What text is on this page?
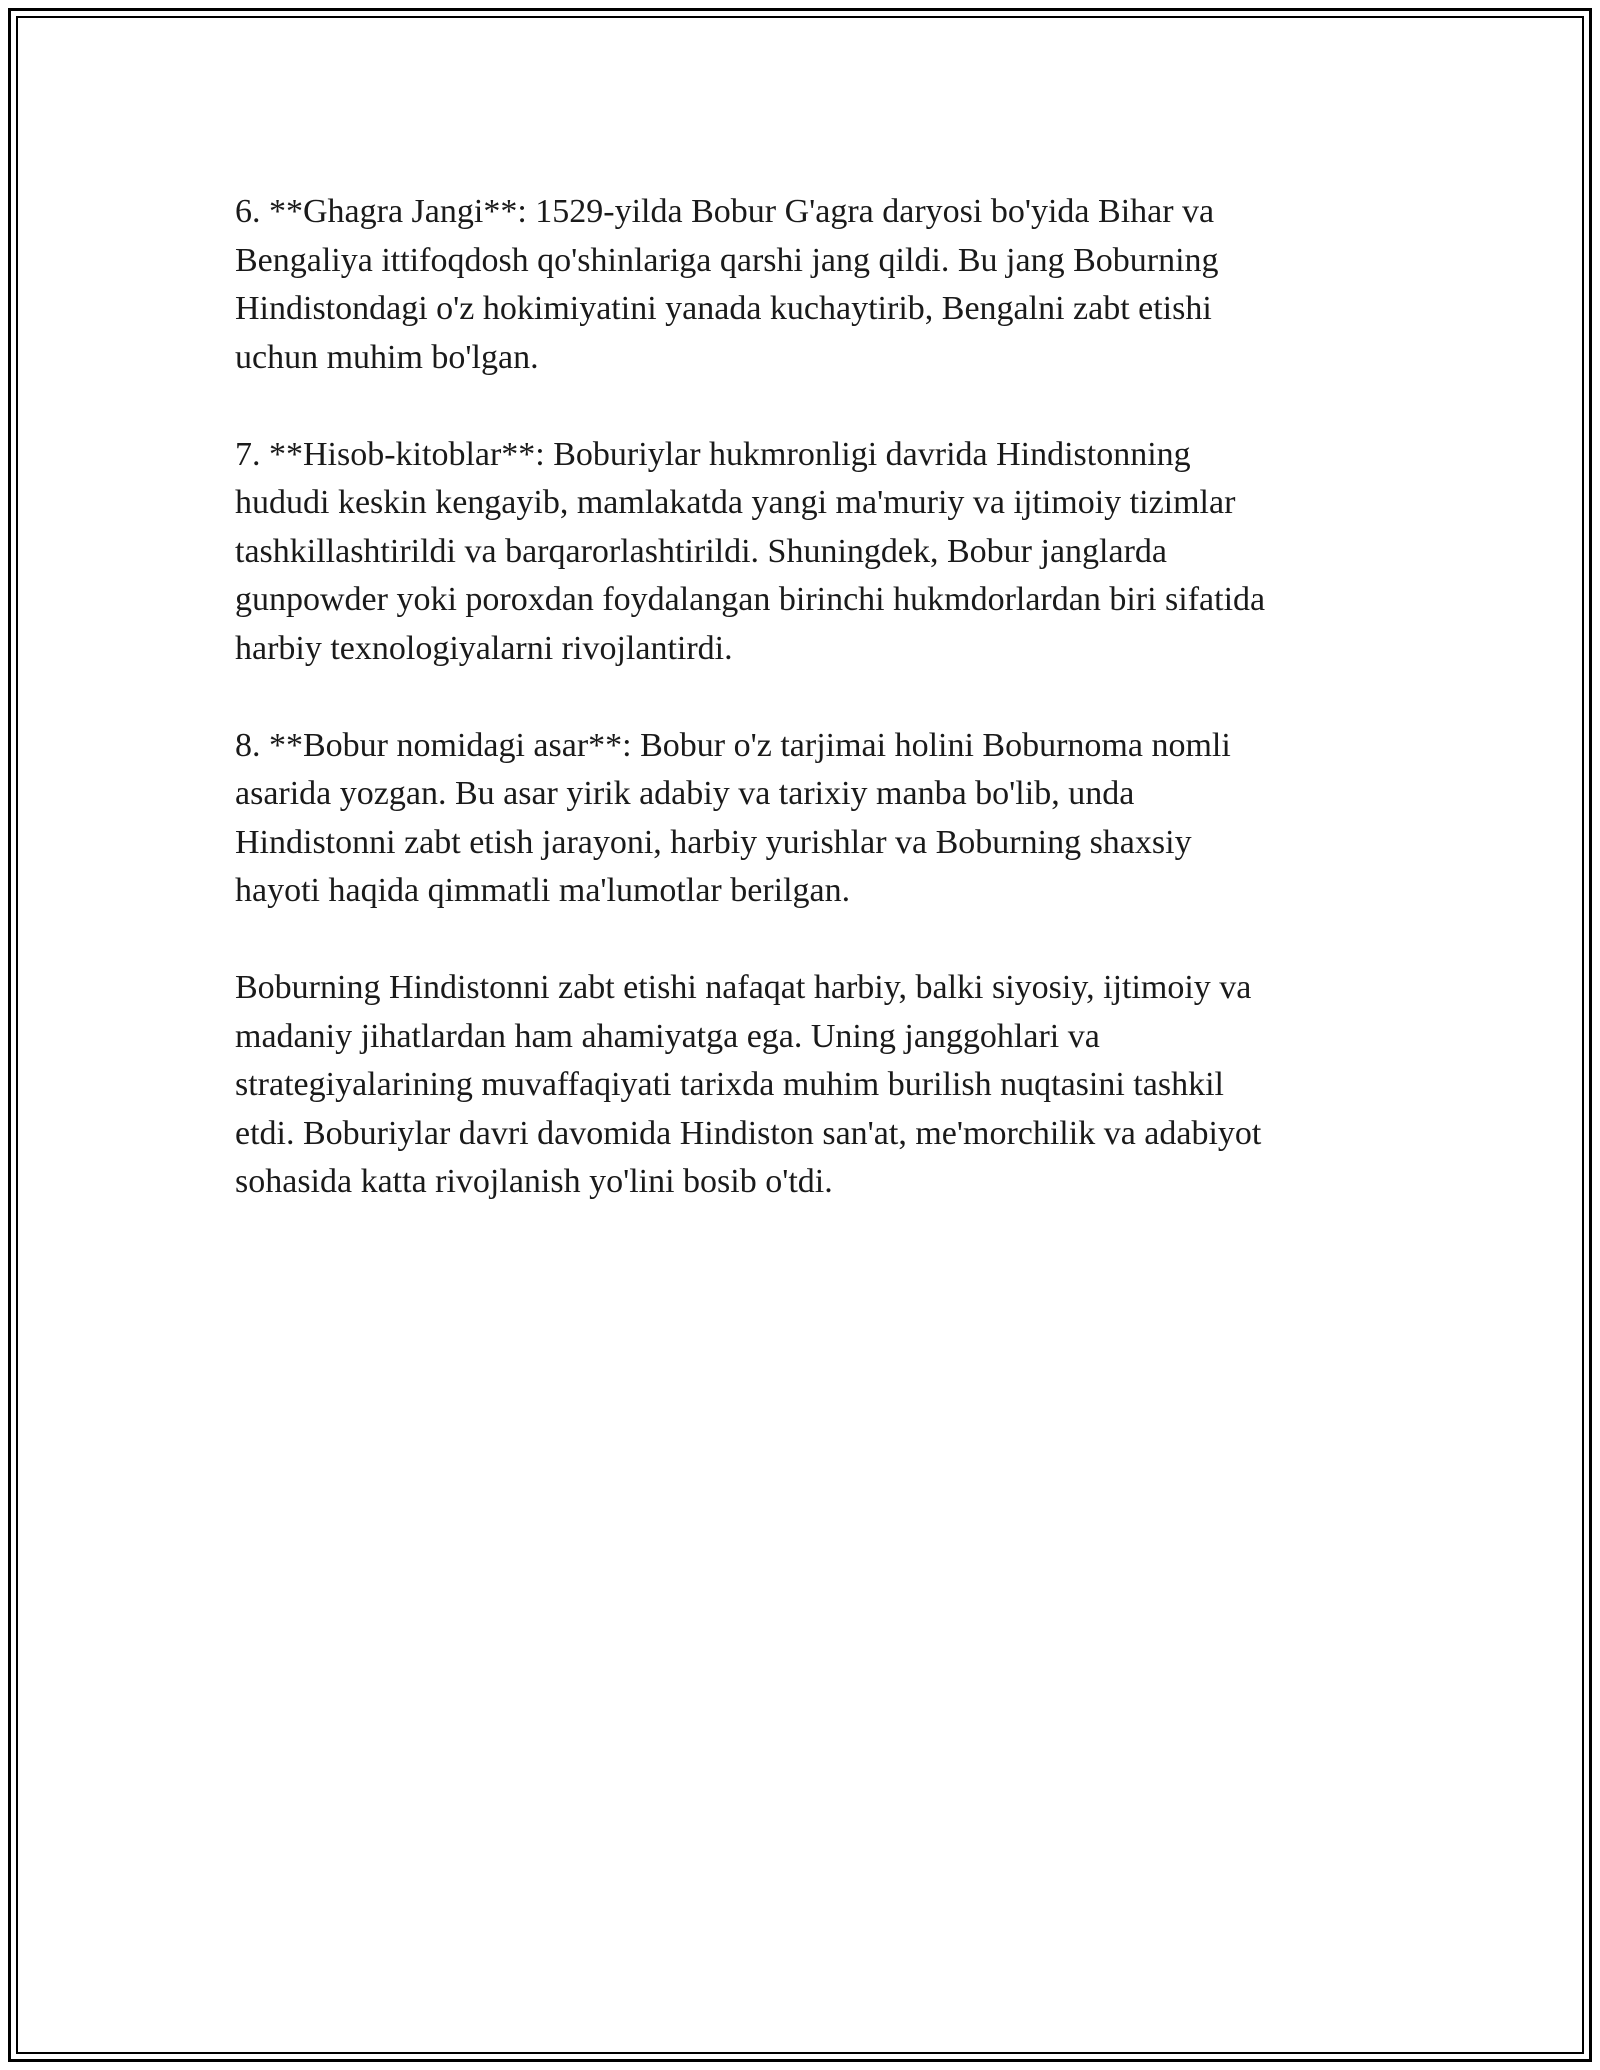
6. **Ghagra Jangi**: 1529-yilda Bobur G'agra daryosi bo'yida Bihar va
Bengaliya ittifoqdosh qo'shinlariga qarshi jang qildi. Bu jang Boburning
Hindistondagi o'z hokimiyatini yanada kuchaytirib, Bengalni zabt etishi
uchun muhim bo'lgan.

7. **Hisob-kitoblar**: Boburiylar hukmronligi davrida Hindistonning
hududi keskin kengayib, mamlakatda yangi ma'muriy va ijtimoiy tizimlar
tashkillashtirildi va barqarorlashtirildi. Shuningdek, Bobur janglarda
gunpowder yoki poroxdan foydalangan birinchi hukmdorlardan biri sifatida
harbiy texnologiyalarni rivojlantirdi.

8. **Bobur nomidagi asar**: Bobur o'z tarjimai holini Boburnoma nomli
asarida yozgan. Bu asar yirik adabiy va tarixiy manba bo'lib, unda
Hindistonni zabt etish jarayoni, harbiy yurishlar va Boburning shaxsiy
hayoti haqida qimmatli ma'lumotlar berilgan.

Boburning Hindistonni zabt etishi nafaqat harbiy, balki siyosiy, ijtimoiy va
madaniy jihatlardan ham ahamiyatga ega. Uning janggohlari va
strategiyalarining muvaffaqiyati tarixda muhim burilish nuqtasini tashkil
etdi. Boburiylar davri davomida Hindiston san'at, me'morchilik va adabiyot
sohasida katta rivojlanish yo'lini bosib o'tdi.
